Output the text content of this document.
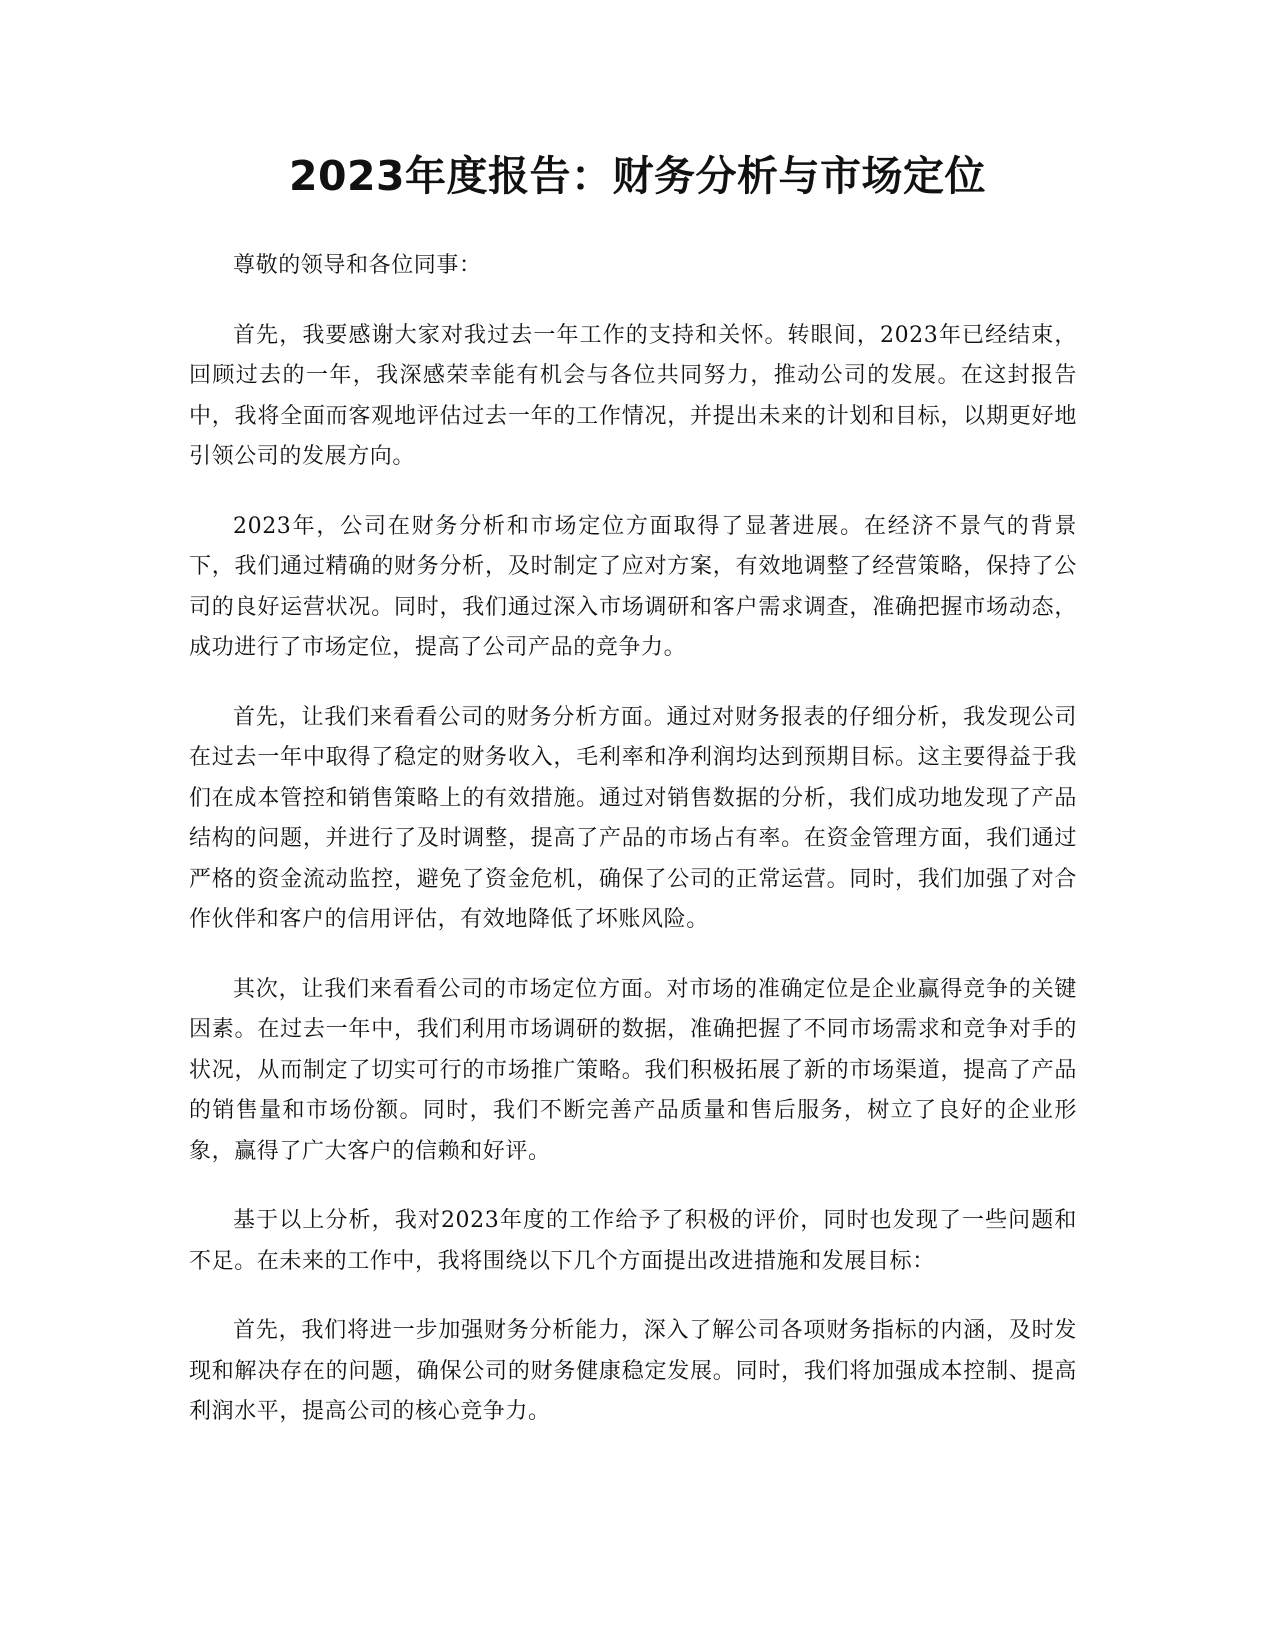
2023年度报告：财务分析与市场定位

尊敬的领导和各位同事：

首先，我要感谢大家对我过去一年工作的支持和关怀。转眼间，2023年已经结束，回顾过去的一年，我深感荣幸能有机会与各位共同努力，推动公司的发展。在这封报告中，我将全面而客观地评估过去一年的工作情况，并提出未来的计划和目标，以期更好地引领公司的发展方向。

2023年，公司在财务分析和市场定位方面取得了显著进展。在经济不景气的背景下，我们通过精确的财务分析，及时制定了应对方案，有效地调整了经营策略，保持了公司的良好运营状况。同时，我们通过深入市场调研和客户需求调查，准确把握市场动态，成功进行了市场定位，提高了公司产品的竞争力。

首先，让我们来看看公司的财务分析方面。通过对财务报表的仔细分析，我发现公司在过去一年中取得了稳定的财务收入，毛利率和净利润均达到预期目标。这主要得益于我们在成本管控和销售策略上的有效措施。通过对销售数据的分析，我们成功地发现了产品结构的问题，并进行了及时调整，提高了产品的市场占有率。在资金管理方面，我们通过严格的资金流动监控，避免了资金危机，确保了公司的正常运营。同时，我们加强了对合作伙伴和客户的信用评估，有效地降低了坏账风险。

其次，让我们来看看公司的市场定位方面。对市场的准确定位是企业赢得竞争的关键因素。在过去一年中，我们利用市场调研的数据，准确把握了不同市场需求和竞争对手的状况，从而制定了切实可行的市场推广策略。我们积极拓展了新的市场渠道，提高了产品的销售量和市场份额。同时，我们不断完善产品质量和售后服务，树立了良好的企业形象，赢得了广大客户的信赖和好评。

基于以上分析，我对2023年度的工作给予了积极的评价，同时也发现了一些问题和不足。在未来的工作中，我将围绕以下几个方面提出改进措施和发展目标：

首先，我们将进一步加强财务分析能力，深入了解公司各项财务指标的内涵，及时发现和解决存在的问题，确保公司的财务健康稳定发展。同时，我们将加强成本控制、提高利润水平，提高公司的核心竞争力。
